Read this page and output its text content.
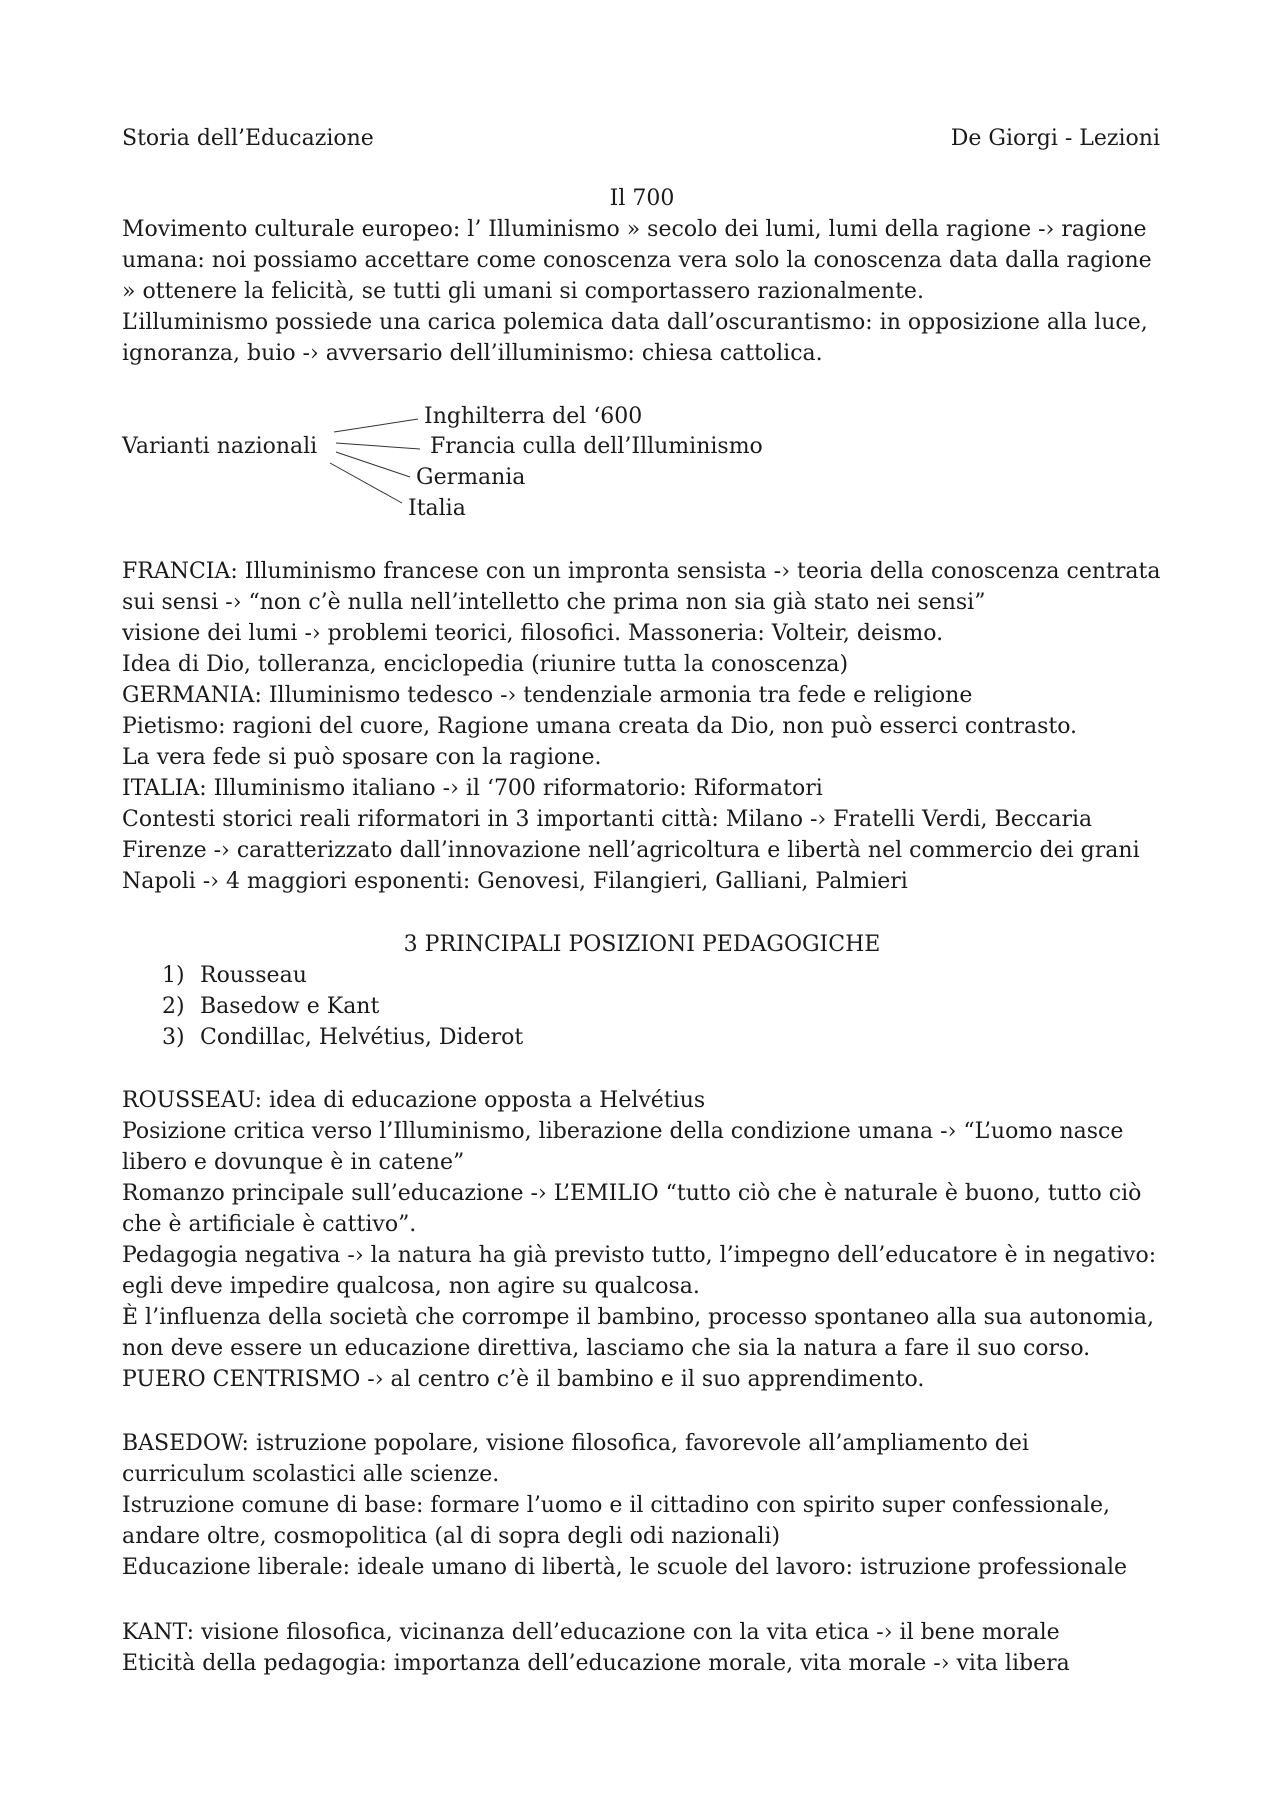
Storia dell’Educazione	De Giorgi - Lezioni
Il 700

Movimento culturale europeo: l’ Illuminismo » secolo dei lumi, lumi della ragione -› ragione

umana: noi possiamo accettare come conoscenza vera solo la conoscenza data dalla ragione

» ottenere la felicità, se tutti gli umani si comportassero razionalmente.

L’illuminismo possiede una carica polemica data dall’oscurantismo: in opposizione alla luce,

ignoranza, buio -› avversario dell’illuminismo: chiesa cattolica.

Varianti nazionali
Inghilterra del ‘600
Francia culla dell’Illuminismo
Germania
Italia

FRANCIA: Illuminismo francese con un impronta sensista -› teoria della conoscenza centrata

sui sensi -› “non c’è nulla nell’intelletto che prima non sia già stato nei sensi”

visione dei lumi -› problemi teorici, filosofici. Massoneria: Volteir, deismo.

Idea di Dio, tolleranza, enciclopedia (riunire tutta la conoscenza)

GERMANIA: Illuminismo tedesco -› tendenziale armonia tra fede e religione

Pietismo: ragioni del cuore, Ragione umana creata da Dio, non può esserci contrasto.

La vera fede si può sposare con la ragione.

ITALIA: Illuminismo italiano -› il ‘700 riformatorio: Riformatori

Contesti storici reali riformatori in 3 importanti città: Milano -› Fratelli Verdi, Beccaria

Firenze -› caratterizzato dall’innovazione nell’agricoltura e libertà nel commercio dei grani

Napoli -› 4 maggiori esponenti: Genovesi, Filangieri, Galliani, Palmieri

3 PRINCIPALI POSIZIONI PEDAGOGICHE
1) Rousseau
2) Basedow e Kant
3) Condillac, Helvétius, Diderot

ROUSSEAU: idea di educazione opposta a Helvétius

Posizione critica verso l’Illuminismo, liberazione della condizione umana -› “L’uomo nasce

libero e dovunque è in catene”

Romanzo principale sull’educazione -› L’EMILIO “tutto ciò che è naturale è buono, tutto ciò

che è artificiale è cattivo”.

Pedagogia negativa -› la natura ha già previsto tutto, l’impegno dell’educatore è in negativo:

egli deve impedire qualcosa, non agire su qualcosa.

È l’influenza della società che corrompe il bambino, processo spontaneo alla sua autonomia,

non deve essere un educazione direttiva, lasciamo che sia la natura a fare il suo corso.

PUERO CENTRISMO -› al centro c’è il bambino e il suo apprendimento.

BASEDOW: istruzione popolare, visione filosofica, favorevole all’ampliamento dei

curriculum scolastici alle scienze.

Istruzione comune di base: formare l’uomo e il cittadino con spirito super confessionale,

andare oltre, cosmopolitica (al di sopra degli odi nazionali)

Educazione liberale: ideale umano di libertà, le scuole del lavoro: istruzione professionale

KANT: visione filosofica, vicinanza dell’educazione con la vita etica -› il bene morale

Eticità della pedagogia: importanza dell’educazione morale, vita morale -› vita libera
